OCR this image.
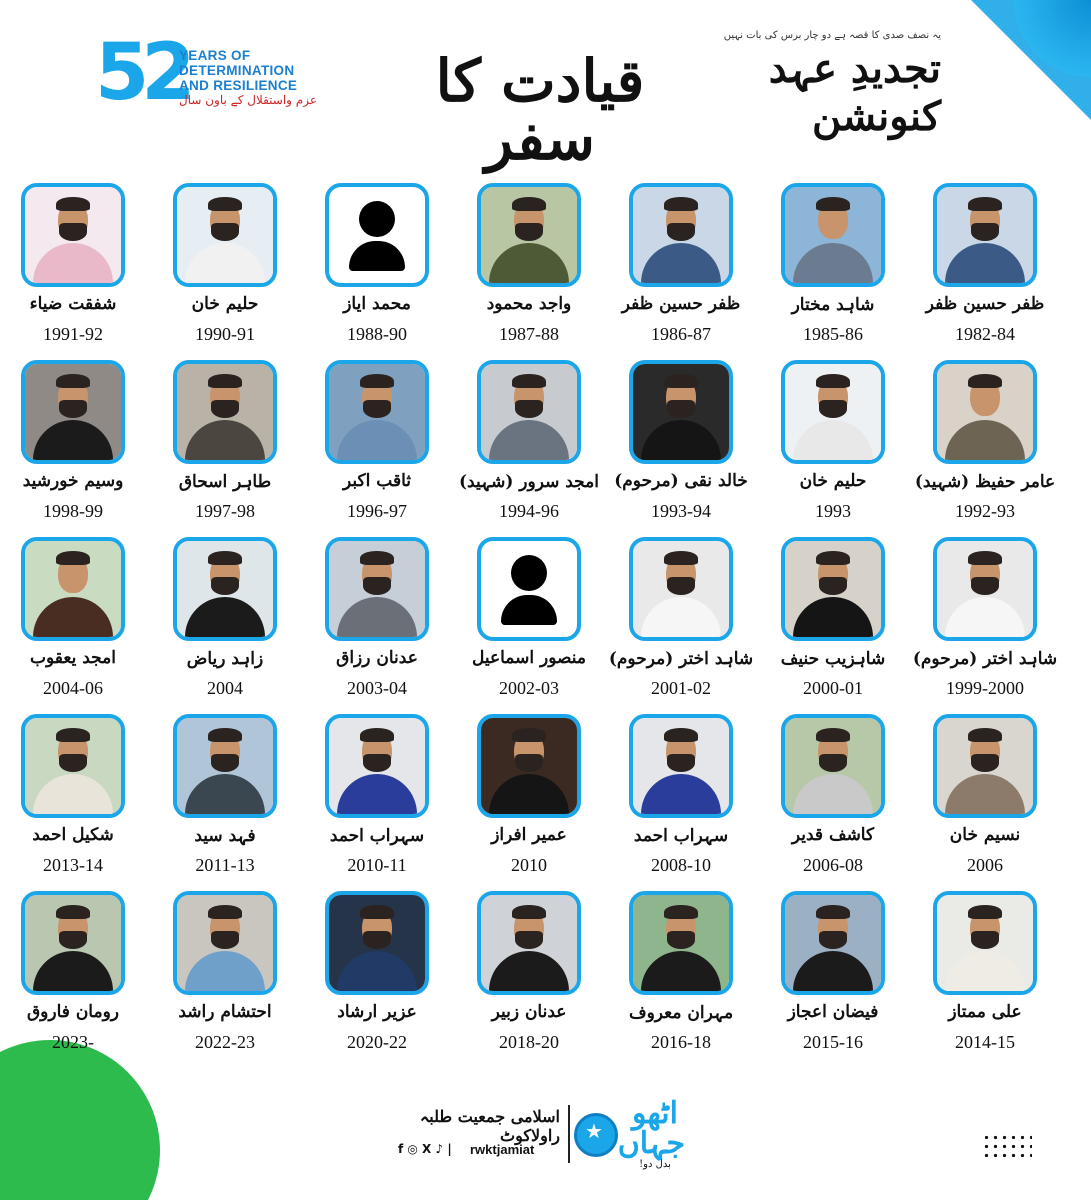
52
YEARS OF
DETERMINATION
AND RESILIENCE
عزم واستقلال کے باون سال	قیادت کا سفر
یہ نصف صدی کا قصہ ہے دو چار برس کی بات نہیں
تجدیدِ عہد کنونشن
ظفر حسین ظفر
1982-84
شاہد مختار
1985-86
ظفر حسین ظفر
1986-87
واجد محمود
1987-88
محمد ایاز
1988-90
حلیم خان
1990-91
شفقت ضیاء
1991-92
عامر حفیظ (شہید)
1992-93
حلیم خان
1993
خالد نقی (مرحوم)
1993-94
امجد سرور (شہید)
1994-96
ثاقب اکبر
1996-97
طاہر اسحاق
1997-98
وسیم خورشید
1998-99
شاہد اختر (مرحوم)
1999-2000
شاہزیب حنیف
2000-01
شاہد اختر (مرحوم)
2001-02
منصور اسماعیل
2002-03
عدنان رزاق
2003-04
زاہد ریاض
2004
امجد یعقوب
2004-06
نسیم خان
2006
کاشف قدیر
2006-08
سہراب احمد
2008-10
عمیر افراز
2010
سہراب احمد
2010-11
فہد سید
2011-13
شکیل احمد
2013-14
علی ممتاز
2014-15
فیضان اعجاز
2015-16
مہران معروف
2016-18
عدنان زبیر
2018-20
عزیر ارشاد
2020-22
احتشام راشد
2022-23
رومان فاروق
2023-
اسلامی جمعیت طلبہ راولاکوٹ
f ◎ X ♪ | rwktjamiat
★ اٹھو جہاں
بدل دو!
